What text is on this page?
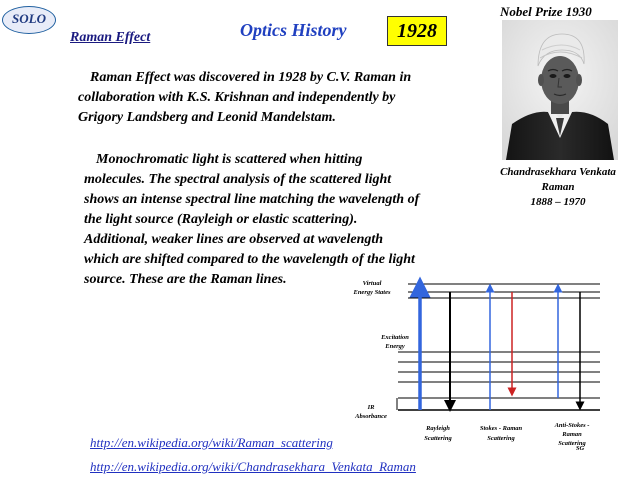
SOLO
Raman Effect	Optics History	1928
Nobel Prize 1930
Chandrasekhara Venkata
Raman
1888 – 1970
Raman Effect was discovered in 1928 by C.V. Raman in
collaboration with K.S. Krishnan and independently by
Grigory Landsberg and Leonid Mandelstam.
Monochromatic light is scattered when hitting
molecules. The spectral analysis of the scattered light
shows an intense spectral line matching the wavelength of
the light source (Rayleigh or elastic scattering).
Additional, weaker lines are observed at wavelength
which are shifted compared to the wavelength of the light
source. These are the Raman lines.	Virtual
Energy States
Excitation
Energy
IR
Absorbance
Rayleigh
Scattering
Stokes - Raman
Scattering
Anti-Stokes -
Raman
Scattering
SG
http://en.wikipedia.org/wiki/Raman_scattering
http://en.wikipedia.org/wiki/Chandrasekhara_Venkata_Raman
